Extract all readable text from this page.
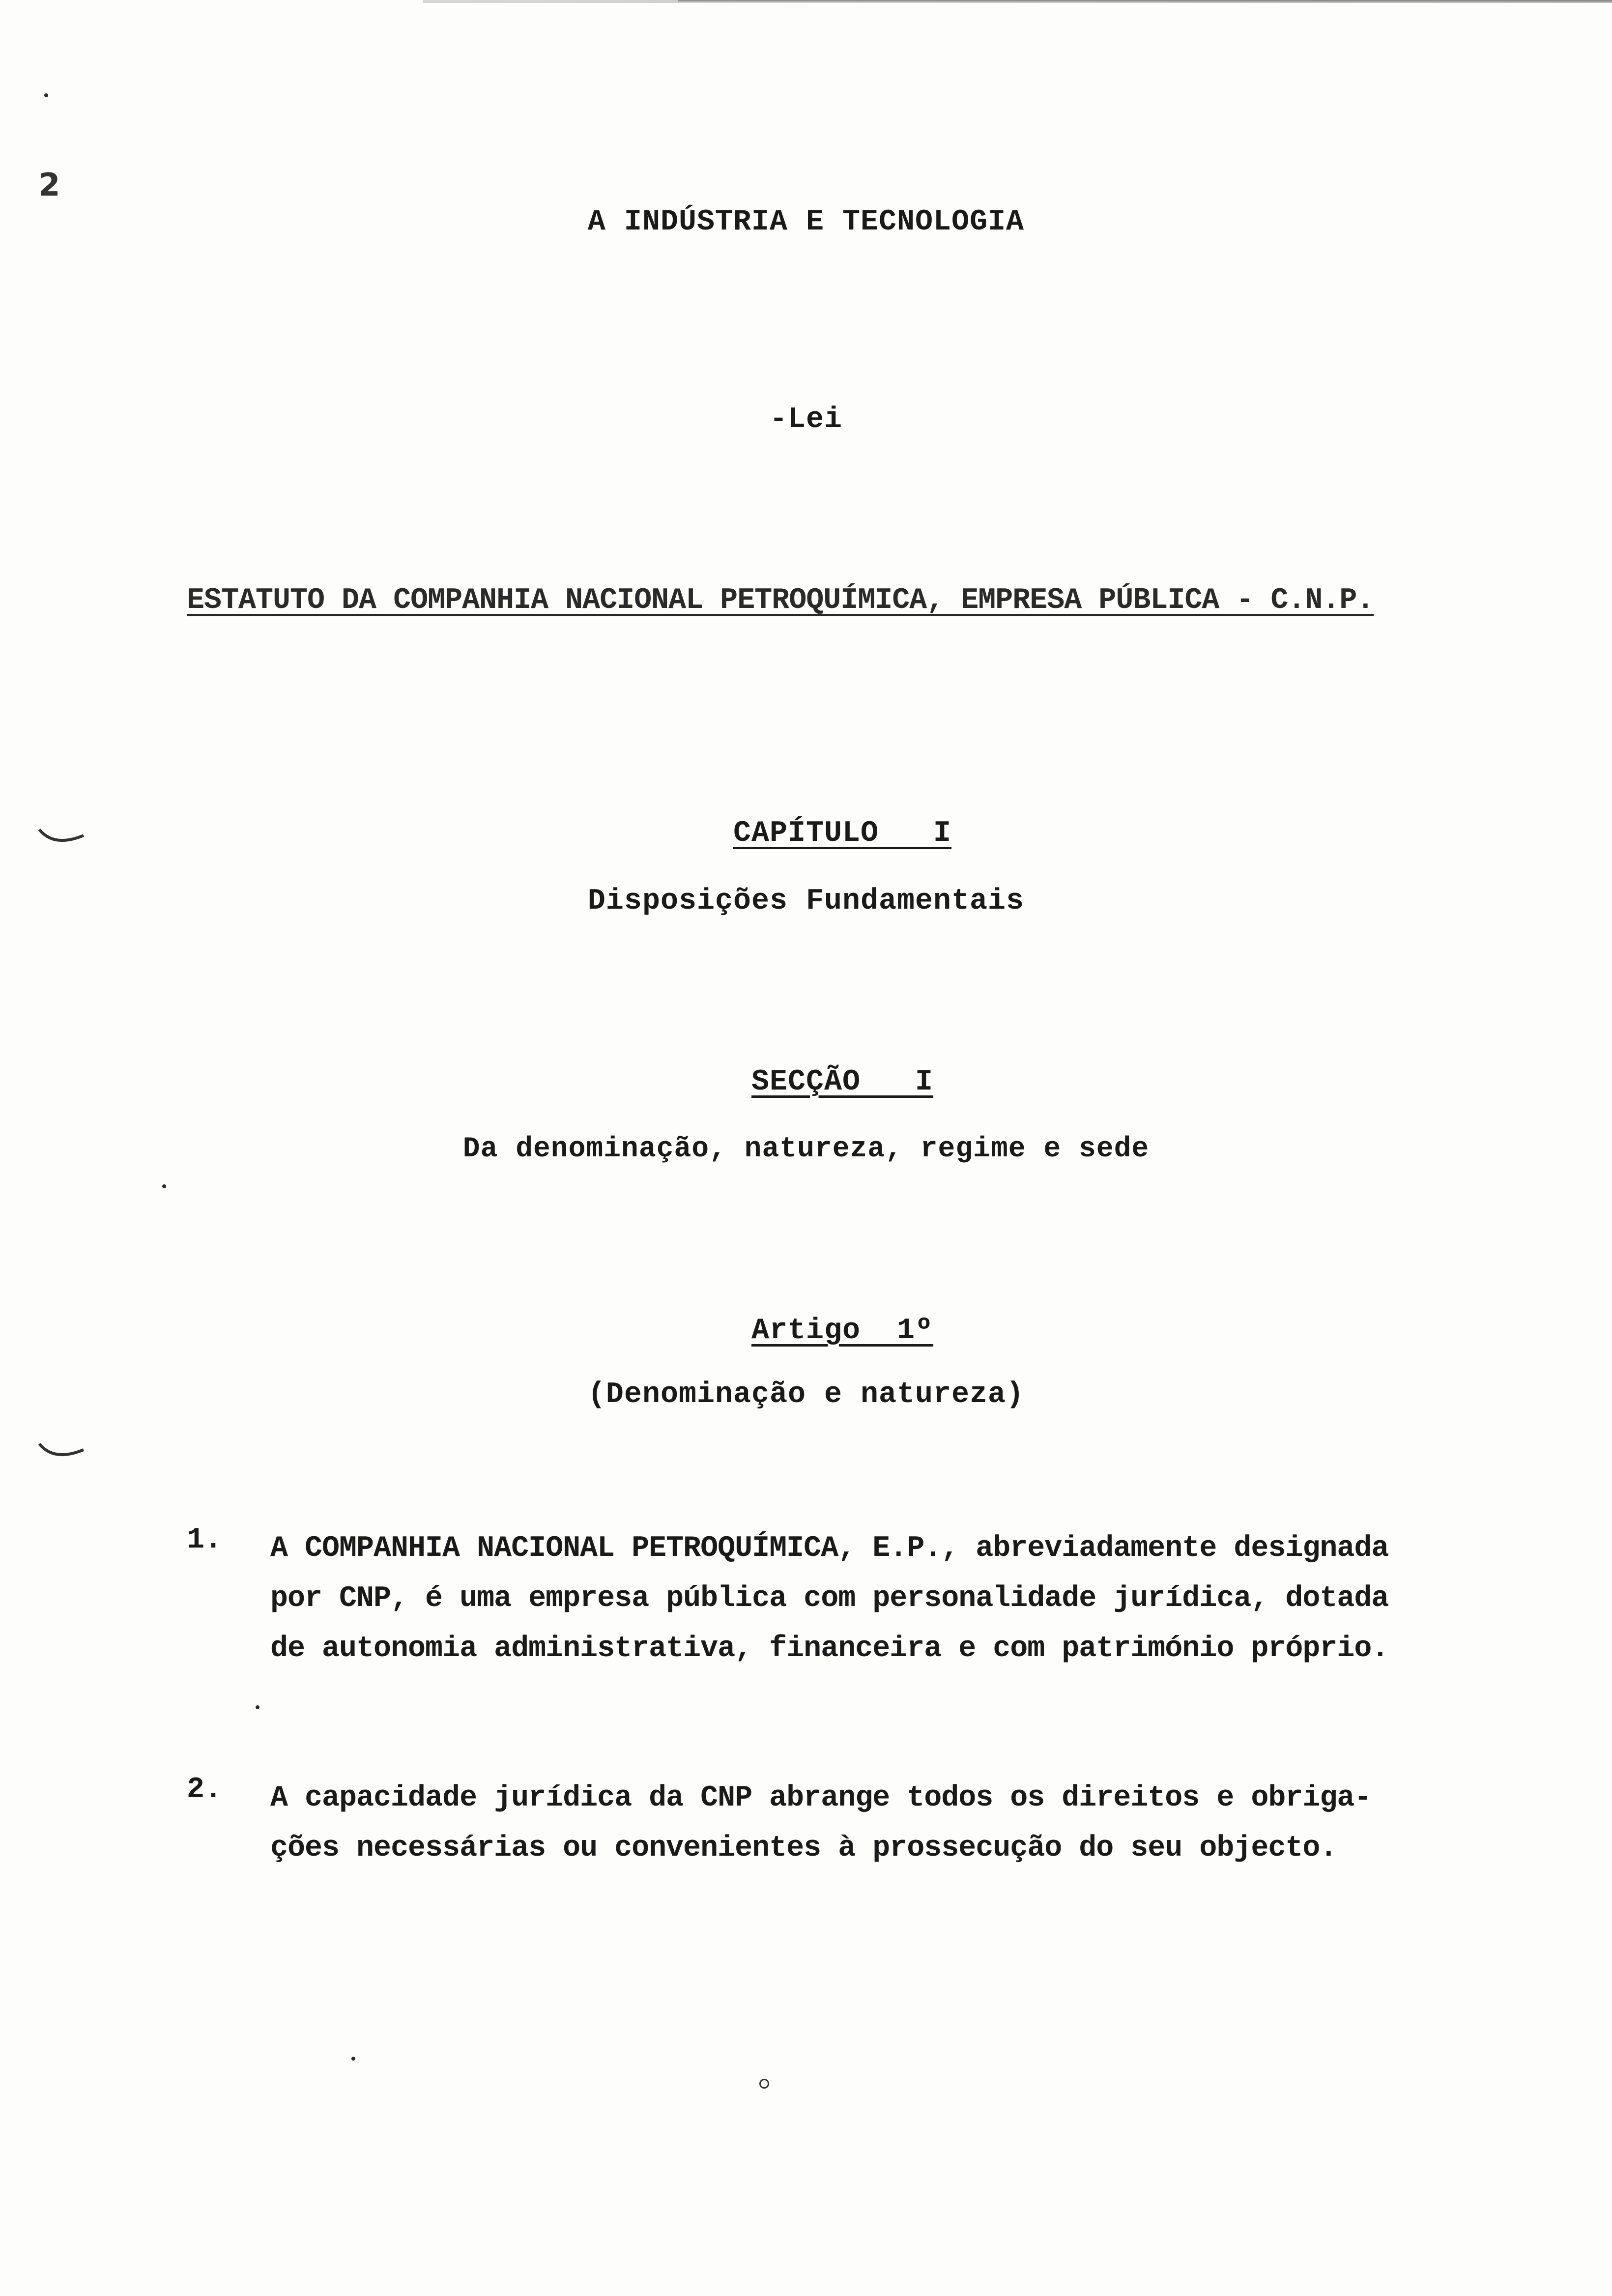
2
A INDÚSTRIA E TECNOLOGIA
-Lei
ESTATUTO DA COMPANHIA NACIONAL PETROQUÍMICA, EMPRESA PÚBLICA - C.N.P.

CAPÍTULO   I

Disposições Fundamentais

SECÇÃO   I

Da denominação, natureza, regime e sede

Artigo  1º

(Denominação e natureza)
1. A COMPANHIA NACIONAL PETROQUÍMICA, E.P., abreviadamente designada
por CNP, é uma empresa pública com personalidade jurídica, dotada
de autonomia administrativa, financeira e com património próprio.
2. A capacidade jurídica da CNP abrange todos os direitos e obriga-
ções necessárias ou convenientes à prossecução do seu objecto.
